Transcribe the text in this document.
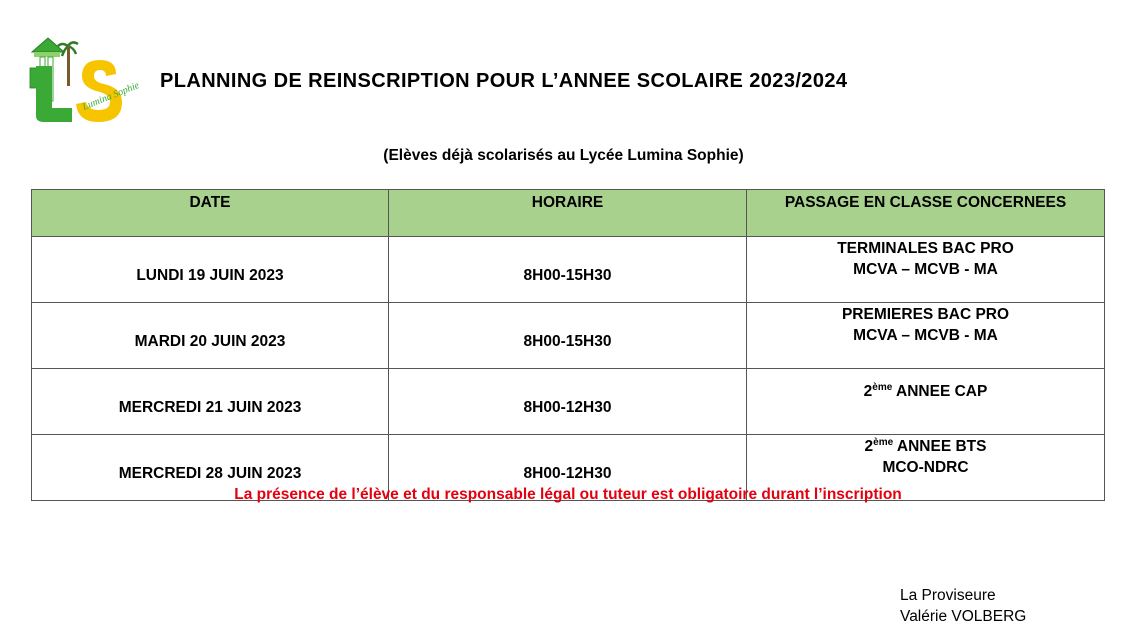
Lumina Sophie PLANNING DE REINSCRIPTION POUR L’ANNEE SCOLAIRE 2023/2024
(Elèves déjà scolarisés au Lycée Lumina Sophie)
DATE	HORAIRE	PASSAGE EN CLASSE CONCERNEES
LUNDI 19 JUIN 2023	8H00-15H30	TERMINALES BAC PRO
MCVA – MCVB - MA

MARDI 20 JUIN 2023	8H00-15H30	PREMIERES BAC PRO
MCVA – MCVB - MA

MERCREDI 21 JUIN 2023	8H00-12H30	2ème ANNEE CAP

MERCREDI 28 JUIN 2023	8H00-12H30	2ème ANNEE BTS
MCO-NDRC
La présence de l’élève et du responsable légal ou tuteur est obligatoire durant l’inscription
La Proviseure
Valérie VOLBERG
